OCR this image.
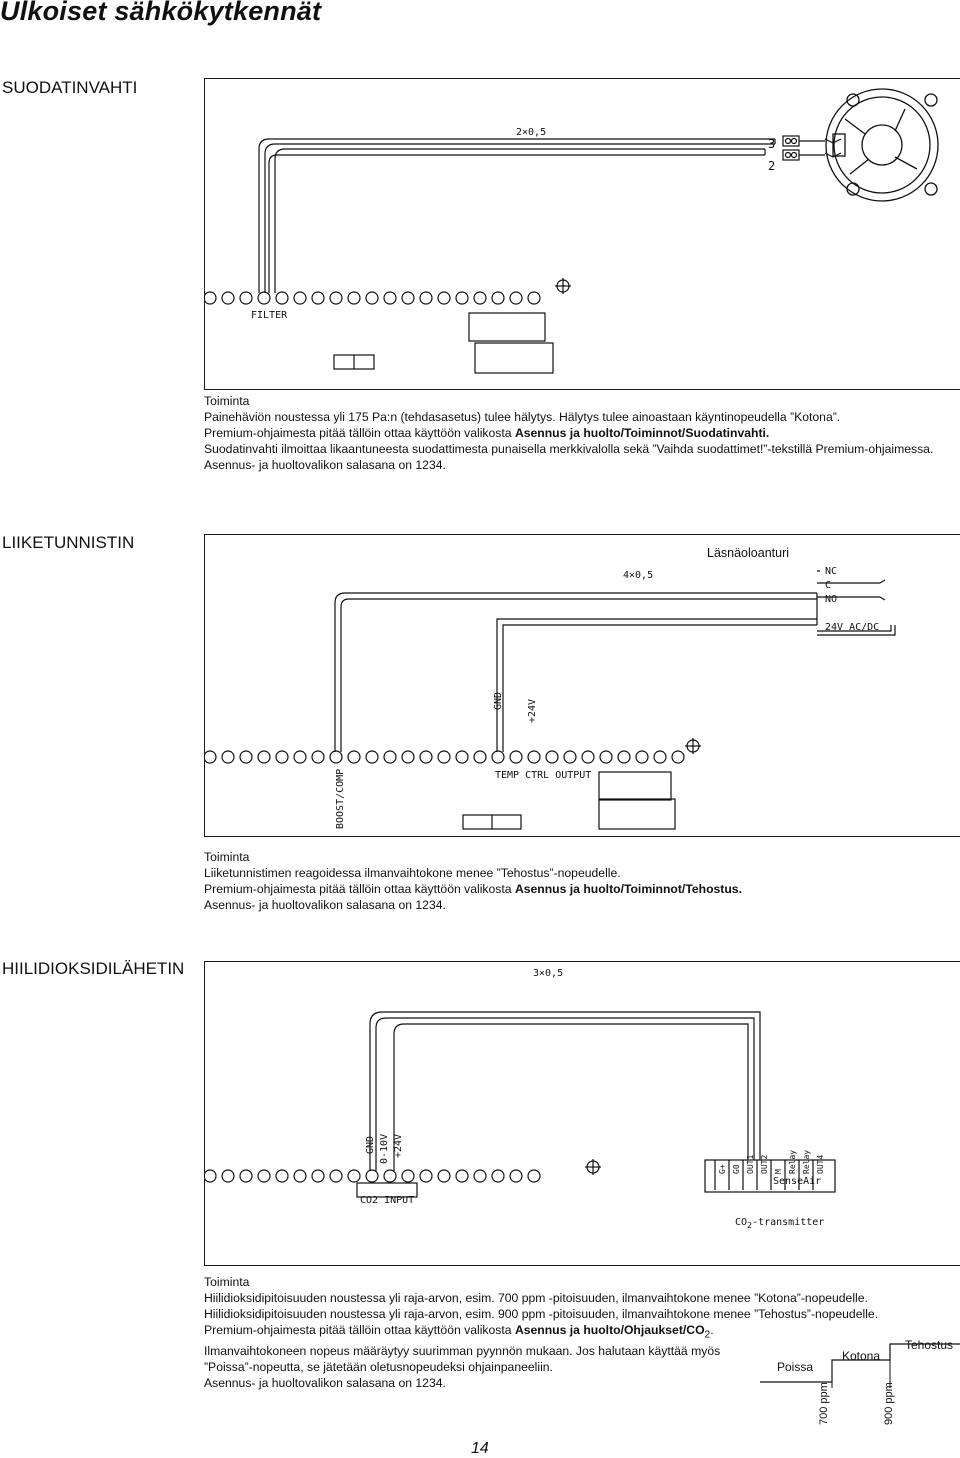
Ulkoiset sähkökytkennät
SUODATINVAHTI
2×0,5
3
2
FILTER
Toiminta
Painehäviön noustessa yli 175 Pa:n (tehdasasetus) tulee hälytys. Hälytys tulee ainoastaan käyntinopeudella ”Kotona”.
Premium-ohjaimesta pitää tällöin ottaa käyttöön valikosta Asennus ja huolto/Toiminnot/Suodatinvahti.
Suodatinvahti ilmoittaa likaantuneesta suodattimesta punaisella merkkivalolla sekä ”Vaihda suodattimet!”-tekstillä Premium-ohjaimessa.
Asennus- ja huoltovalikon salasana on 1234.
LIIKETUNNISTIN
Läsnäoloanturi
4×0,5	NC
C
NO
24V AC/DC
GND +24V
TEMP CTRL OUTPUT
BOOST/COMP
Toiminta
Liiketunnistimen reagoidessa ilmanvaihtokone menee ”Tehostus”-nopeudelle.
Premium-ohjaimesta pitää tällöin ottaa käyttöön valikosta Asennus ja huolto/Toiminnot/Tehostus.
Asennus- ja huoltovalikon salasana on 1234.
HIILIDIOKSIDILÄHETIN	3×0,5
GND 0-10V +24V
CO2 INPUT
G+ G0 OUT1 OUT2 M Relay Relay OUT4
SenseAir
$CO_2$-transmitter
Toiminta
Hiilidioksidipitoisuuden noustessa yli raja-arvon, esim. 700 ppm -pitoisuuden, ilmanvaihtokone menee ”Kotona”-nopeudelle.
Hiilidioksidipitoisuuden noustessa yli raja-arvon, esim. 900 ppm -pitoisuuden, ilmanvaihtokone menee ”Tehostus”-nopeudelle.
Premium-ohjaimesta pitää tällöin ottaa käyttöön valikosta Asennus ja huolto/$Ohjaukset/CO_2$.
Ilmanvaihtokoneen nopeus määräytyy suurimman pyynnön mukaan. Jos halutaan käyttää myös
”Poissa”-nopeutta, se jätetään oletusnopeudeksi ohjainpaneeliin.
Asennus- ja huoltovalikon salasana on 1234.
Poissa
Kotona
Tehostus
700 ppm	900 ppm
14
